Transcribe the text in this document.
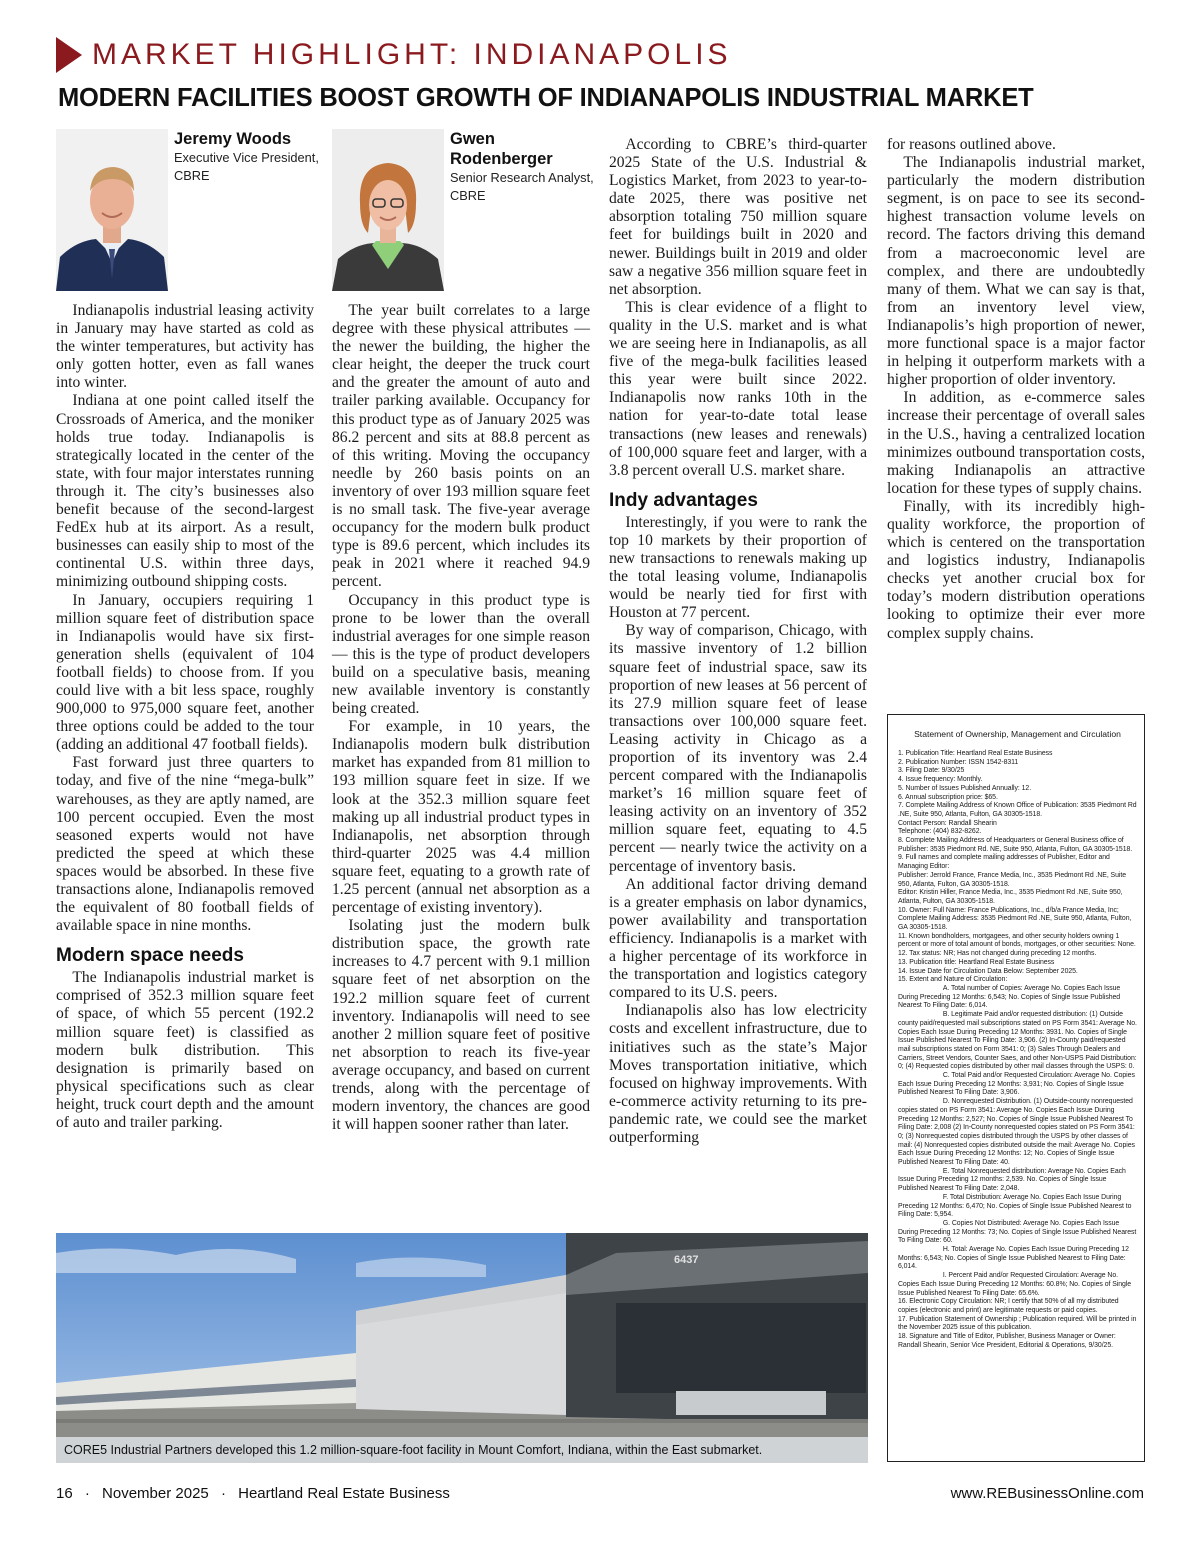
MARKET HIGHLIGHT: INDIANAPOLIS
MODERN FACILITIES BOOST GROWTH OF INDIANAPOLIS INDUSTRIAL MARKET
Jeremy Woods
Executive Vice President,
CBRE
Gwen
Rodenberger
Senior Research Analyst,
CBRE

Indianapolis industrial leasing activity in January may have started as cold as the winter temperatures, but activity has only gotten hotter, even as fall wanes into winter.

Indiana at one point called itself the Crossroads of America, and the moniker holds true today. Indianapolis is strategically located in the center of the state, with four major interstates running through it. The city’s businesses also benefit because of the second-largest FedEx hub at its airport. As a result, businesses can easily ship to most of the continental U.S. within three days, minimizing outbound shipping costs.

In January, occupiers requiring 1 million square feet of distribution space in Indianapolis would have six first-generation shells (equivalent of 104 football fields) to choose from. If you could live with a bit less space, roughly 900,000 to 975,000 square feet, another three options could be added to the tour (adding an additional 47 football fields).

Fast forward just three quarters to today, and five of the nine “mega-bulk” warehouses, as they are aptly named, are 100 percent occupied. Even the most seasoned experts would not have predicted the speed at which these spaces would be absorbed. In these five transactions alone, Indianapolis removed the equivalent of 80 football fields of available space in nine months.

Modern space needs

The Indianapolis industrial market is comprised of 352.3 million square feet of space, of which 55 percent (192.2 million square feet) is classified as modern bulk distribution. This designation is primarily based on physical specifications such as clear height, truck court depth and the amount of auto and trailer parking.

The year built correlates to a large degree with these physical attributes — the newer the building, the higher the clear height, the deeper the truck court and the greater the amount of auto and trailer parking available. Occupancy for this product type as of January 2025 was 86.2 percent and sits at 88.8 percent as of this writing. Moving the occupancy needle by 260 basis points on an inventory of over 193 million square feet is no small task. The five-year average occupancy for the modern bulk product type is 89.6 percent, which includes its peak in 2021 where it reached 94.9 percent.

Occupancy in this product type is prone to be lower than the overall industrial averages for one simple reason — this is the type of product developers build on a speculative basis, meaning new available inventory is constantly being created.

For example, in 10 years, the Indianapolis modern bulk distribution market has expanded from 81 million to 193 million square feet in size. If we look at the 352.3 million square feet making up all industrial product types in Indianapolis, net absorption through third-quarter 2025 was 4.4 million square feet, equating to a growth rate of 1.25 percent (annual net absorption as a percentage of existing inventory).

Isolating just the modern bulk distribution space, the growth rate increases to 4.7 percent with 9.1 million square feet of net absorption on the 192.2 million square feet of current inventory. Indianapolis will need to see another 2 million square feet of positive net absorption to reach its five-year average occupancy, and based on current trends, along with the percentage of modern inventory, the chances are good it will happen sooner rather than later.

According to CBRE’s third-quarter 2025 State of the U.S. Industrial & Logistics Market, from 2023 to year-to-date 2025, there was positive net absorption totaling 750 million square feet for buildings built in 2020 and newer. Buildings built in 2019 and older saw a negative 356 million square feet in net absorption.

This is clear evidence of a flight to quality in the U.S. market and is what we are seeing here in Indianapolis, as all five of the mega-bulk facilities leased this year were built since 2022. Indianapolis now ranks 10th in the nation for year-to-date total lease transactions (new leases and renewals) of 100,000 square feet and larger, with a 3.8 percent overall U.S. market share.

Indy advantages

Interestingly, if you were to rank the top 10 markets by their proportion of new transactions to renewals making up the total leasing volume, Indianapolis would be nearly tied for first with Houston at 77 percent.

By way of comparison, Chicago, with its massive inventory of 1.2 billion square feet of industrial space, saw its proportion of new leases at 56 percent of its 27.9 million square feet of lease transactions over 100,000 square feet. Leasing activity in Chicago as a proportion of its inventory was 2.4 percent compared with the Indianapolis market’s 16 million square feet of leasing activity on an inventory of 352 million square feet, equating to 4.5 percent — nearly twice the activity on a percentage of inventory basis.

An additional factor driving demand is a greater emphasis on labor dynamics, power availability and transportation efficiency. Indianapolis is a market with a higher percentage of its workforce in the transportation and logistics category compared to its U.S. peers.

Indianapolis also has low electricity costs and excellent infrastructure, due to initiatives such as the state’s Major Moves transportation initiative, which focused on highway improvements. With e-commerce activity returning to its pre-pandemic rate, we could see the market outperforming

for reasons outlined above.

The Indianapolis industrial market, particularly the modern distribution segment, is on pace to see its second-highest transaction volume levels on record. The factors driving this demand from a macroeconomic level are complex, and there are undoubtedly many of them. What we can say is that, from an inventory level view, Indianapolis’s high proportion of newer, more functional space is a major factor in helping it outperform markets with a higher proportion of older inventory.

In addition, as e-commerce sales increase their percentage of overall sales in the U.S., having a centralized location minimizes outbound transportation costs, making Indianapolis an attractive location for these types of supply chains.

Finally, with its incredibly high-quality workforce, the proportion of which is centered on the transportation and logistics industry, Indianapolis checks yet another crucial box for today’s modern distribution operations looking to optimize their ever more complex supply chains.

Statement of Ownership, Management and Circulation
1. Publication Title: Heartland Real Estate Business
2. Publication Number: ISSN 1542-8311
3. Filing Date: 9/30/25
4. Issue frequency: Monthly.
5. Number of Issues Published Annually: 12.
6. Annual subscription price: $65.
7. Complete Mailing Address of Known Office of Publication: 3535 Piedmont Rd .NE, Suite 950, Atlanta, Fulton, GA 30305-1518.
Contact Person: Randall Shearin
Telephone: (404) 832-8262.
8. Complete Mailing Address of Headquarters or General Business office of Publisher: 3535 Piedmont Rd. NE, Suite 950, Atlanta, Fulton, GA 30305-1518.
9. Full names and complete mailing addresses of Publisher, Editor and Managing Editor:
Publisher: Jerrold France, France Media, Inc., 3535 Piedmont Rd .NE, Suite 950, Atlanta, Fulton, GA 30305-1518.
Editor: Kristin Hiller, France Media, Inc., 3535 Piedmont Rd .NE, Suite 950, Atlanta, Fulton, GA 30305-1518.
10. Owner: Full Name: France Publications, Inc., d/b/a France Media, Inc; Complete Mailing Address: 3535 Piedmont Rd .NE, Suite 950, Atlanta, Fulton, GA 30305-1518.
11. Known bondholders, mortgagees, and other security holders owning 1 percent or more of total amount of bonds, mortgages, or other securities: None.
12. Tax status: NR; Has not changed during preceding 12 months.
13. Publication title: Heartland Real Estate Business
14. Issue Date for Circulation Data Below: September 2025.
15. Extent and Nature of Circulation:
A. Total number of Copies: Average No. Copies Each Issue During Preceding 12 Months: 6,543; No. Copies of Single Issue Published Nearest To Filing Date: 6,014.
B. Legitimate Paid and/or requested distribution: (1) Outside county paid/requested mail subscriptions stated on PS Form 3541: Average No. Copies Each Issue During Preceding 12 Months: 3931. No. Copies of Single Issue Published Nearest To Filing Date: 3,906. (2) In-County paid/requested mail subscriptions stated on Form 3541: 0; (3) Sales Through Dealers and Carriers, Street Vendors, Counter Saes, and other Non-USPS Paid Distribution: 0; (4) Requested copies distributed by other mail classes through the USPS: 0.
C. Total Paid and/or Requested Circulation: Average No. Copies Each Issue During Preceding 12 Months: 3,931; No. Copies of Single Issue Published Nearest To Filing Date: 3,906.
D. Nonrequested Distribution. (1) Outside-county nonrequested copies stated on PS Form 3541: Average No. Copies Each Issue During Preceding 12 Months: 2,527; No. Copies of Single Issue Published Nearest To Filing Date: 2,008 (2) In-County nonrequested copies stated on PS Form 3541: 0; (3) Nonrequested copies distributed through the USPS by other classes of mail: (4) Nonrequested copies distributed outside the mail: Average No. Copies Each Issue During Preceding 12 Months: 12; No. Copies of Single Issue Published Nearest To Filing Date: 40.
E. Total Nonrequested distribution: Average No. Copies Each Issue During Preceding 12 months: 2,539. No. Copies of Single Issue Published Nearest To Filing Date: 2,048.
F. Total Distribution: Average No. Copies Each Issue During Preceding 12 Months: 6,470; No. Copies of Single Issue Published Nearest to Filing Date: 5,954.
G. Copies Not Distributed: Average No. Copies Each Issue During Preceding 12 Months: 73; No. Copies of Single Issue Published Nearest To Filing Date: 60.
H. Total: Average No. Copies Each Issue During Preceding 12 Months: 6,543; No. Copies of Single Issue Published Nearest to Filing Date: 6,014.
I. Percent Paid and/or Requested Circulation: Average No. Copies Each Issue During Preceding 12 Months: 60.8%; No. Copies of Single Issue Published Nearest To Filing Date: 65.6%.
16. Electronic Copy Circulation: NR; I certify that 50% of all my distributed copies (electronic and print) are legitimate requests or paid copies.
17. Publication Statement of Ownership ; Publication required. Will be printed in the November 2025 issue of this publication.
18. Signature and Title of Editor, Publisher, Business Manager or Owner: Randall Shearin, Senior Vice President, Editorial & Operations, 9/30/25.
6437
CORE5 Industrial Partners developed this 1.2 million-square-foot facility in Mount Comfort, Indiana, within the East submarket.
16 · November 2025 · Heartland Real Estate Business	www.REBusinessOnline.com
